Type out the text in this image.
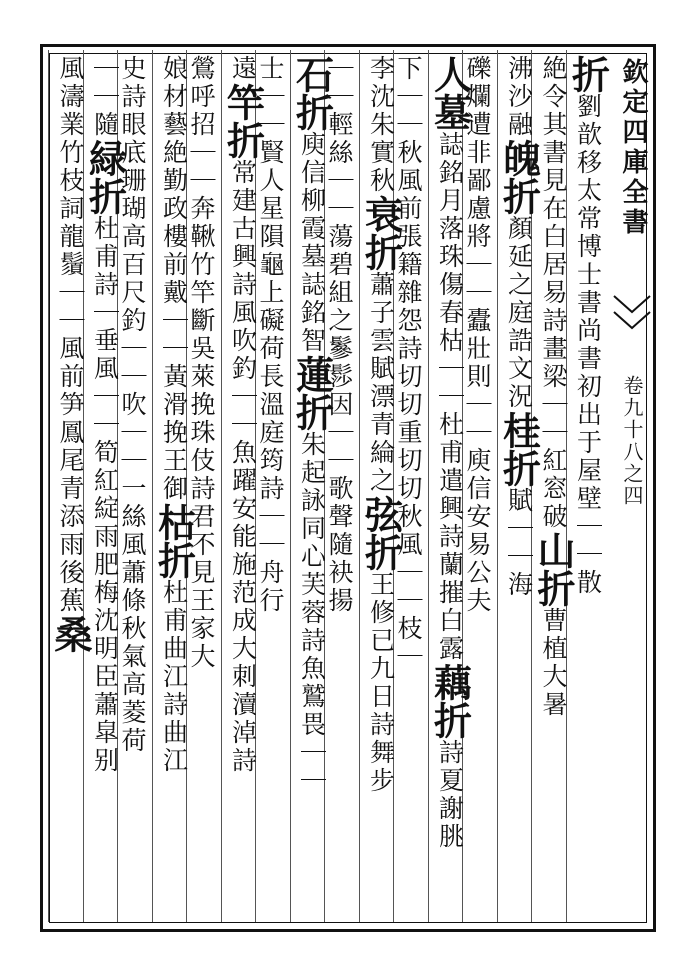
欽定四庫全書
卷九十八之四
折劉歆移太常博士書尚書初出于屋壁｜｜散
絶令其書見在白居易詩畫梁｜｜紅窓破山折曹植大暑
沸沙融魄折顏延之庭誥文況桂折賦｜｜海
礫爛遭非鄙慮將｜｜蠹壯則｜｜庾信安易公夫
人墓誌銘月落珠傷春枯｜｜杜甫遣興詩蘭摧白露藕折詩夏謝朓
下｜｜秋風前張籍雜怨詩切切重切切秋風｜｜枝｜
李沈朱實秋衰折蕭子雲賦漂青綸之弦折王修已九日詩舞步
｜｜輕絲｜｜蕩碧組之鬖髿因｜｜歌聲隨袂揚
石折庾信柳霞墓誌銘智蓮折朱起詠同心芙蓉詩魚鷲畏｜｜
士｜｜賢人星隕龜上礙荷長溫庭筠詩｜｜舟行
遠竿折常建古興詩風吹釣｜｜魚躍安能施范成大刺瀆淖詩
鶯呼招｜｜奔鞦竹竿斷吳萊挽珠伎詩君不見王家大
娘材藝絶勤政樓前戴｜｜黃滑挽王御枯折杜甫曲江詩曲江
史詩眼底珊瑚高百尺釣｜｜吹｜｜一絲風蕭條秋氣高菱荷
｜｜隨緑折杜甫詩｜垂風｜｜筍紅綻雨肥梅沈明臣蕭皐别
風濤業竹枝詞龍鬚｜｜風前笋鳳尾青添雨後蕉桑
